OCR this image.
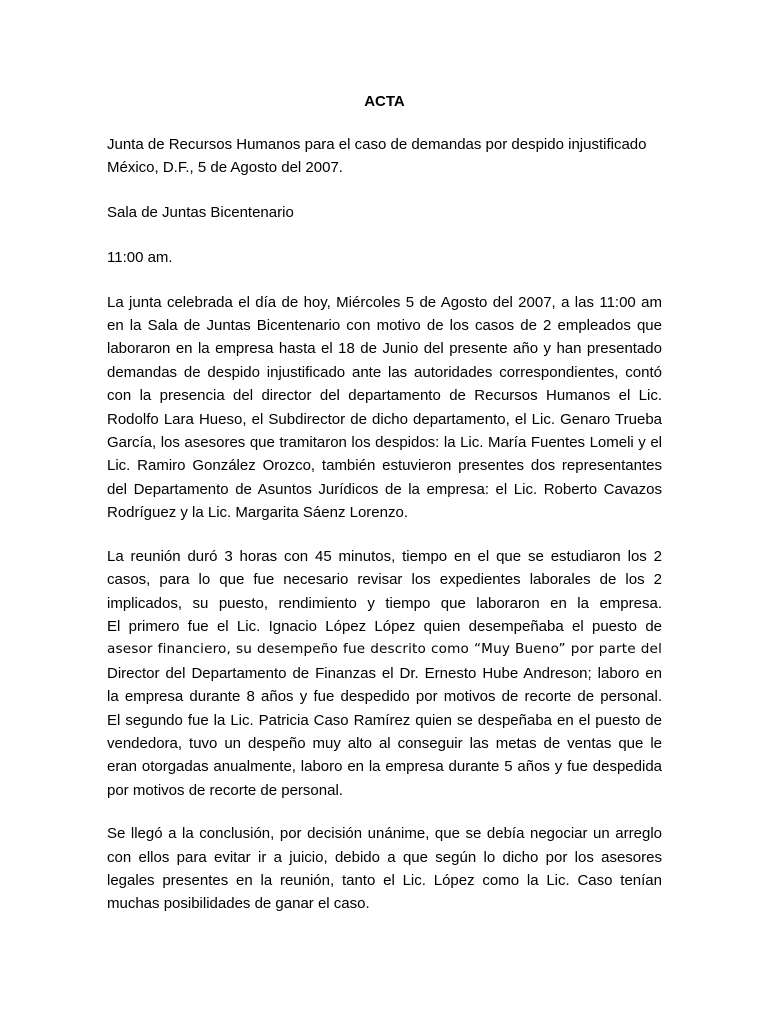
ACTA
Junta de Recursos Humanos para el caso de demandas por despido injustificado
México, D.F., 5 de Agosto del 2007.
Sala de Juntas Bicentenario
11:00 am.
La junta celebrada el día de hoy, Miércoles 5 de Agosto del 2007, a las 11:00 am
en la Sala de Juntas Bicentenario con motivo de los casos de 2 empleados que
laboraron en la empresa hasta el 18 de Junio del presente año y han presentado
demandas de despido injustificado ante las autoridades correspondientes, contó
con la presencia del director del departamento de Recursos Humanos el Lic.
Rodolfo Lara Hueso, el Subdirector de dicho departamento, el Lic. Genaro Trueba
García, los asesores que tramitaron los despidos: la Lic. María Fuentes Lomeli y el
Lic. Ramiro González Orozco, también estuvieron presentes dos representantes
del Departamento de Asuntos Jurídicos de la empresa: el Lic. Roberto Cavazos
Rodríguez y la Lic. Margarita Sáenz Lorenzo.
La reunión duró 3 horas con 45 minutos, tiempo en el que se estudiaron los 2
casos, para lo que fue necesario revisar los expedientes laborales de los 2
implicados, su puesto, rendimiento y tiempo que laboraron en la empresa.
El primero fue el Lic. Ignacio López López quien desempeñaba el puesto de
asesor financiero, su desempeño fue descrito como “Muy Bueno” por parte del
Director del Departamento de Finanzas el Dr. Ernesto Hube Andreson; laboro en
la empresa durante 8 años y fue despedido por motivos de recorte de personal.
El segundo fue la Lic. Patricia Caso Ramírez quien se despeñaba en el puesto de
vendedora, tuvo un despeño muy alto al conseguir las metas de ventas que le
eran otorgadas anualmente, laboro en la empresa durante 5 años y fue despedida
por motivos de recorte de personal.
Se llegó a la conclusión, por decisión unánime, que se debía negociar un arreglo
con ellos para evitar ir a juicio, debido a que según lo dicho por los asesores
legales presentes en la reunión, tanto el Lic. López como la Lic. Caso tenían
muchas posibilidades de ganar el caso.
